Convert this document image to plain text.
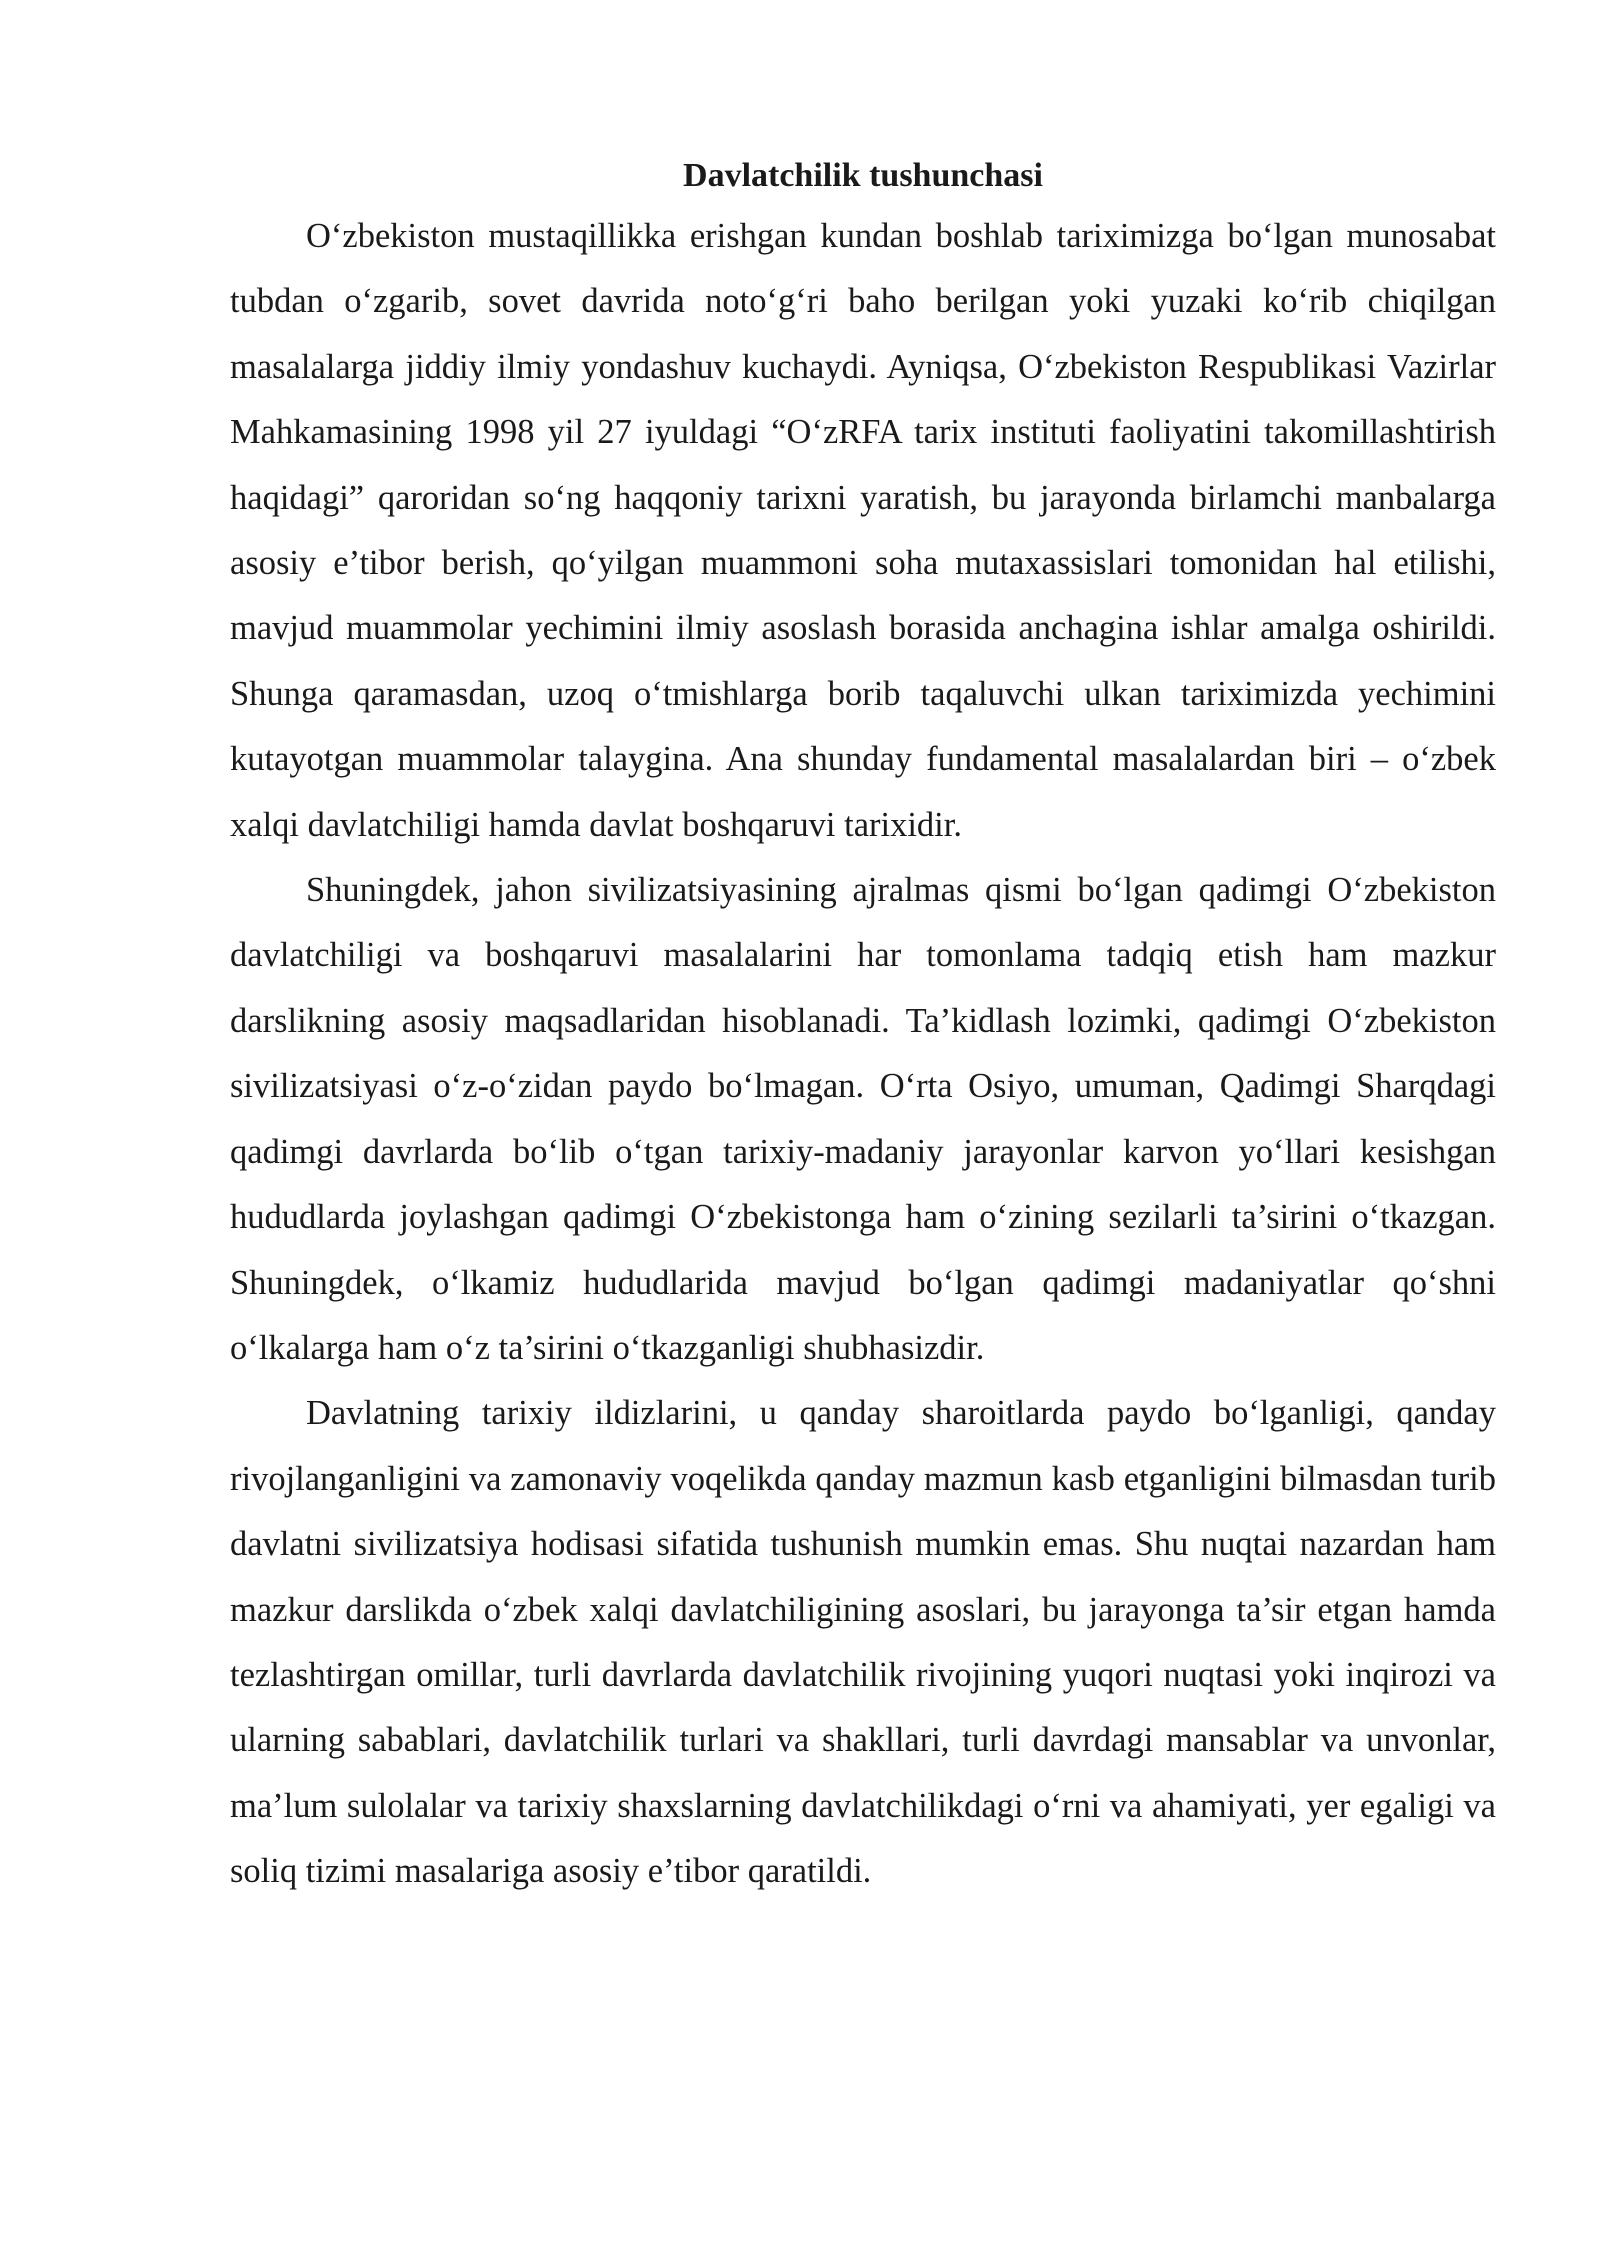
Davlatchilik tushunchasi

O‘zbekiston mustaqillikka erishgan kundan boshlab tariximizga bo‘lgan munosabat tubdan o‘zgarib, sovet davrida noto‘g‘ri baho berilgan yoki yuzaki ko‘rib chiqilgan masalalarga jiddiy ilmiy yondashuv kuchaydi. Ayniqsa, O‘zbekiston Respublikasi Vazirlar Mahkamasining 1998 yil 27 iyuldagi “O‘zRFA tarix instituti faoliyatini takomillashtirish haqidagi” qaroridan so‘ng haqqoniy tarixni yaratish, bu jarayonda birlamchi manbalarga asosiy e’tibor berish, qo‘yilgan muammoni soha mutaxassislari tomonidan hal etilishi, mavjud muammolar yechimini ilmiy asoslash borasida anchagina ishlar amalga oshirildi. Shunga qaramasdan, uzoq o‘tmishlarga borib taqaluvchi ulkan tariximizda yechimini kutayotgan muammolar talaygina. Ana shunday fundamental masalalardan biri – o‘zbek xalqi davlatchiligi hamda davlat boshqaruvi tarixidir.

Shuningdek, jahon sivilizatsiyasining ajralmas qismi bo‘lgan qadimgi O‘zbekiston davlatchiligi va boshqaruvi masalalarini har tomonlama tadqiq etish ham mazkur darslikning asosiy maqsadlaridan hisoblanadi. Ta’kidlash lozimki, qadimgi O‘zbekiston sivilizatsiyasi o‘z-o‘zidan paydo bo‘lmagan. O‘rta Osiyo, umuman, Qadimgi Sharqdagi qadimgi davrlarda bo‘lib o‘tgan tarixiy-madaniy jarayonlar karvon yo‘llari kesishgan hududlarda joylashgan qadimgi O‘zbekistonga ham o‘zining sezilarli ta’sirini o‘tkazgan. Shuningdek, o‘lkamiz hududlarida mavjud bo‘lgan qadimgi madaniyatlar qo‘shni o‘lkalarga ham o‘z ta’sirini o‘tkazganligi shubhasizdir.

Davlatning tarixiy ildizlarini, u qanday sharoitlarda paydo bo‘lganligi, qanday rivojlanganligini va zamonaviy voqelikda qanday mazmun kasb etganligini bilmasdan turib davlatni sivilizatsiya hodisasi sifatida tushunish mumkin emas. Shu nuqtai nazardan ham mazkur darslikda o‘zbek xalqi davlatchiligining asoslari, bu jarayonga ta’sir etgan hamda tezlashtirgan omillar, turli davrlarda davlatchilik rivojining yuqori nuqtasi yoki inqirozi va ularning sabablari, davlatchilik turlari va shakllari, turli davrdagi mansablar va unvonlar, ma’lum sulolalar va tarixiy shaxslarning davlatchilikdagi o‘rni va ahamiyati, yer egaligi va soliq tizimi masalariga asosiy e’tibor qaratildi.
